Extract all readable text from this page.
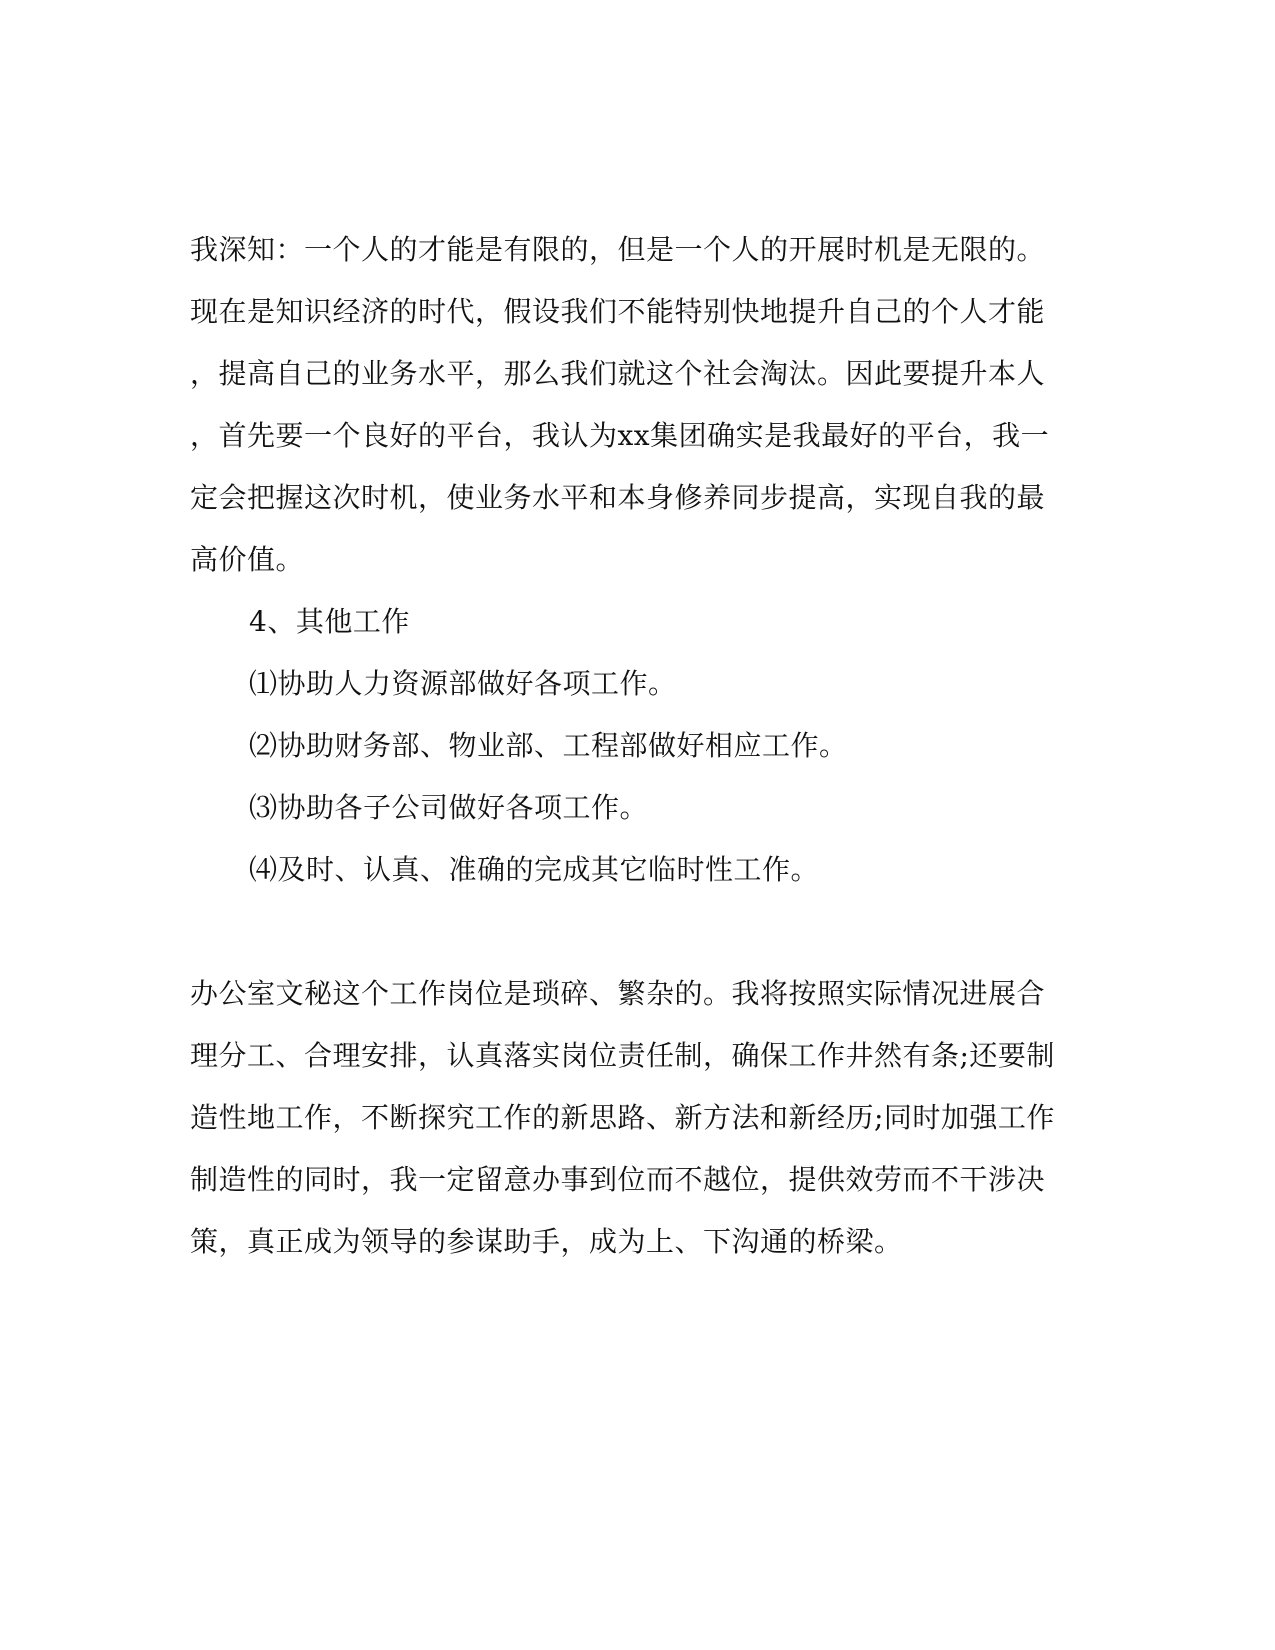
我深知：一个人的才能是有限的，但是一个人的开展时机是无限的。
现在是知识经济的时代，假设我们不能特别快地提升自己的个人才能
，提高自己的业务水平，那么我们就这个社会淘汰。因此要提升本人
，首先要一个良好的平台，我认为xx集团确实是我最好的平台，我一
定会把握这次时机，使业务水平和本身修养同步提高，实现自我的最
高价值。
4、其他工作
⑴协助人力资源部做好各项工作。
⑵协助财务部、物业部、工程部做好相应工作。
⑶协助各子公司做好各项工作。
⑷及时、认真、准确的完成其它临时性工作。
办公室文秘这个工作岗位是琐碎、繁杂的。我将按照实际情况进展合
理分工、合理安排，认真落实岗位责任制，确保工作井然有条;还要制
造性地工作，不断探究工作的新思路、新方法和新经历;同时加强工作
制造性的同时，我一定留意办事到位而不越位，提供效劳而不干涉决
策，真正成为领导的参谋助手，成为上、下沟通的桥梁。
